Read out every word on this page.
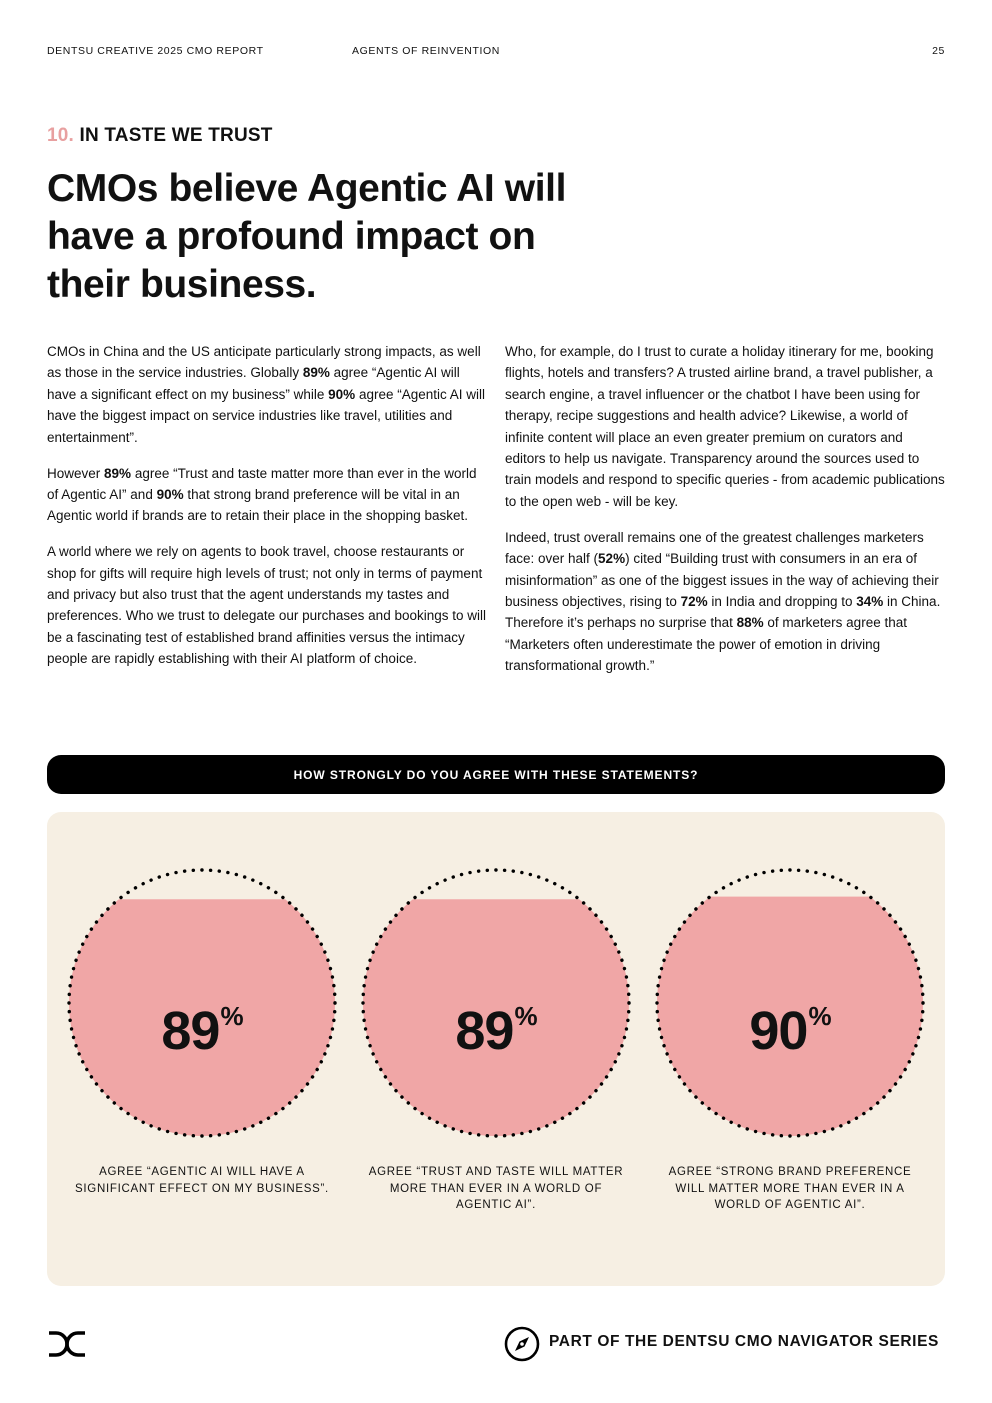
DENTSU CREATIVE 2025 CMO REPORT	AGENTS OF REINVENTION	25
10. IN TASTE WE TRUST
CMOs believe Agentic AI will have a profound impact on their business.

CMOs in China and the US anticipate particularly strong impacts, as well as those in the service industries. Globally 89% agree “Agentic AI will have a significant effect on my business” while 90% agree “Agentic AI will have the biggest impact on service industries like travel, utilities and entertainment”.

However 89% agree “Trust and taste matter more than ever in the world of Agentic AI” and 90% that strong brand preference will be vital in an Agentic world if brands are to retain their place in the shopping basket.

A world where we rely on agents to book travel, choose restaurants or shop for gifts will require high levels of trust; not only in terms of payment and privacy but also trust that the agent understands my tastes and preferences. Who we trust to delegate our purchases and bookings to will be a fascinating test of established brand affinities versus the intimacy people are rapidly establishing with their AI platform of choice.

Who, for example, do I trust to curate a holiday itinerary for me, booking flights, hotels and transfers? A trusted airline brand, a travel publisher, a search engine, a travel influencer or the chatbot I have been using for therapy, recipe suggestions and health advice? Likewise, a world of infinite content will place an even greater premium on curators and editors to help us navigate. Transparency around the sources used to train models and respond to specific queries - from academic publications to the open web - will be key.

Indeed, trust overall remains one of the greatest challenges marketers face: over half (52%) cited “Building trust with consumers in an era of misinformation” as one of the biggest issues in the way of achieving their business objectives, rising to 72% in India and dropping to 34% in China. Therefore it’s perhaps no surprise that 88% of marketers agree that “Marketers often underestimate the power of emotion in driving transformational growth.”

HOW STRONGLY DO YOU AGREE WITH THESE STATEMENTS?
89%
AGREE “AGENTIC AI WILL HAVE A SIGNIFICANT EFFECT ON MY BUSINESS”.
89%
AGREE “TRUST AND TASTE WILL MATTER MORE THAN EVER IN A WORLD OF AGENTIC AI”.
90%
AGREE “STRONG BRAND PREFERENCE WILL MATTER MORE THAN EVER IN A WORLD OF AGENTIC AI”.
PART OF THE DENTSU CMO NAVIGATOR SERIES
